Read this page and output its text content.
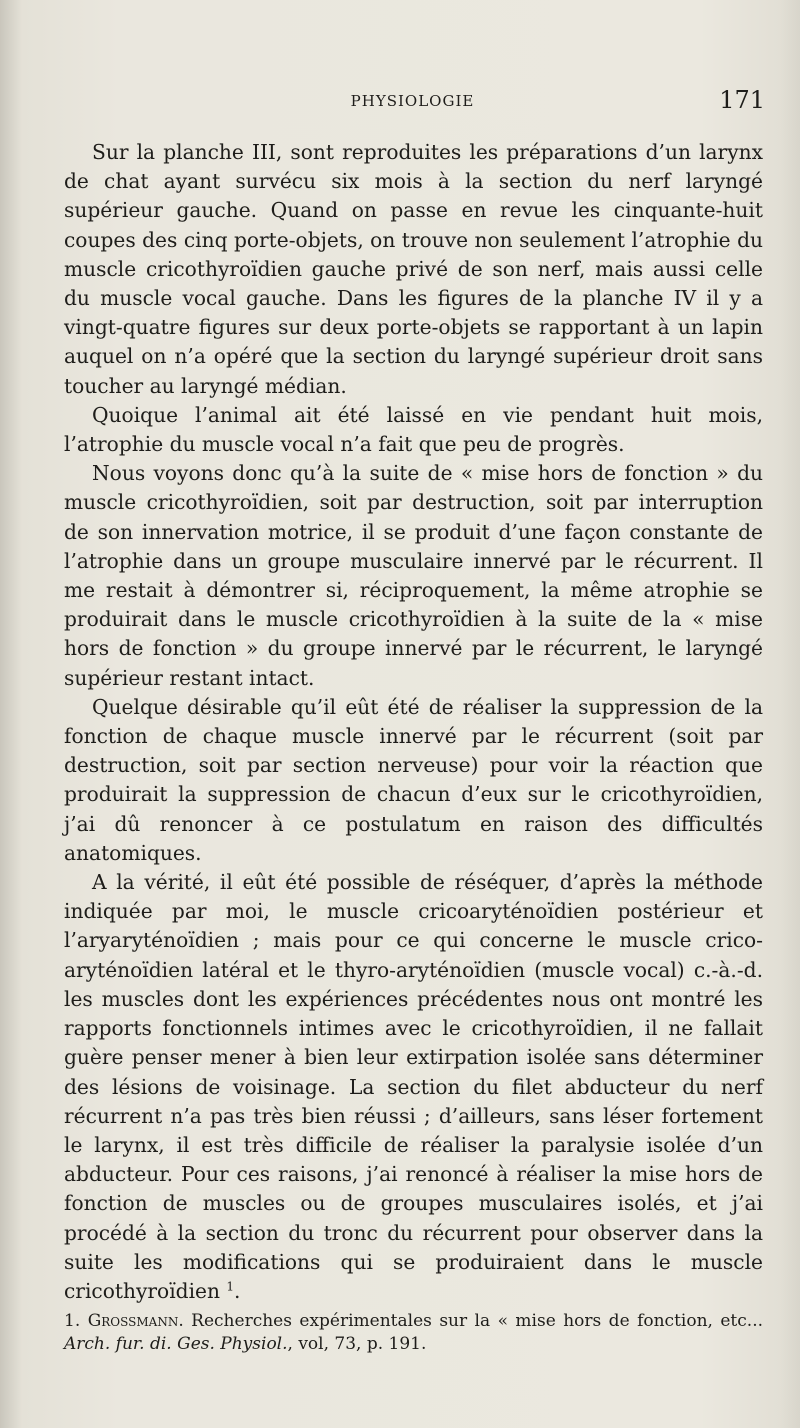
PHYSIOLOGIE	171

Sur la planche III, sont reproduites les préparations d’un larynx de chat ayant survécu six mois à la section du nerf laryngé supérieur gauche. Quand on passe en revue les cinquante-huit coupes des cinq porte-objets, on trouve non seulement l’atrophie du muscle cricothyroïdien gauche privé de son nerf, mais aussi celle du muscle vocal gauche. Dans les figures de la planche IV il y a vingt-quatre figures sur deux porte-objets se rapportant à un lapin auquel on n’a opéré que la section du laryngé supérieur droit sans toucher au laryngé médian.

Quoique l’animal ait été laissé en vie pendant huit mois, l’atrophie du muscle vocal n’a fait que peu de progrès.

Nous voyons donc qu’à la suite de « mise hors de fonction » du muscle cricothyroïdien, soit par destruction, soit par interruption de son innervation motrice, il se produit d’une façon constante de l’atrophie dans un groupe musculaire innervé par le récurrent. Il me restait à démontrer si, réciproquement, la même atrophie se produirait dans le muscle cricothyroïdien à la suite de la « mise hors de fonction » du groupe innervé par le récurrent, le laryngé supérieur restant intact.

Quelque désirable qu’il eût été de réaliser la suppression de la fonction de chaque muscle innervé par le récurrent (soit par destruction, soit par section nerveuse) pour voir la réaction que produirait la suppression de chacun d’eux sur le cricothyroïdien, j’ai dû renoncer à ce postulatum en raison des difficultés anatomiques.

A la vérité, il eût été possible de réséquer, d’après la méthode indiquée par moi, le muscle cricoaryténoïdien postérieur et l’aryaryténoïdien ; mais pour ce qui concerne le muscle crico-aryténoïdien latéral et le thyro-aryténoïdien (muscle vocal) c.-à.-d. les muscles dont les expériences précédentes nous ont montré les rapports fonctionnels intimes avec le cricothyroïdien, il ne fallait guère penser mener à bien leur extirpation isolée sans déterminer des lésions de voisinage. La section du filet abducteur du nerf récurrent n’a pas très bien réussi ; d’ailleurs, sans léser fortement le larynx, il est très difficile de réaliser la paralysie isolée d’un abducteur. Pour ces raisons, j’ai renoncé à réaliser la mise hors de fonction de muscles ou de groupes musculaires isolés, et j’ai procédé à la section du tronc du récurrent pour observer dans la suite les modifications qui se produiraient dans le muscle cricothyroïdien $^1$.

1. Grossmann. Recherches expérimentales sur la « mise hors de fonction, etc... Arch. fur. di. Ges. Physiol., vol, 73, p. 191.
